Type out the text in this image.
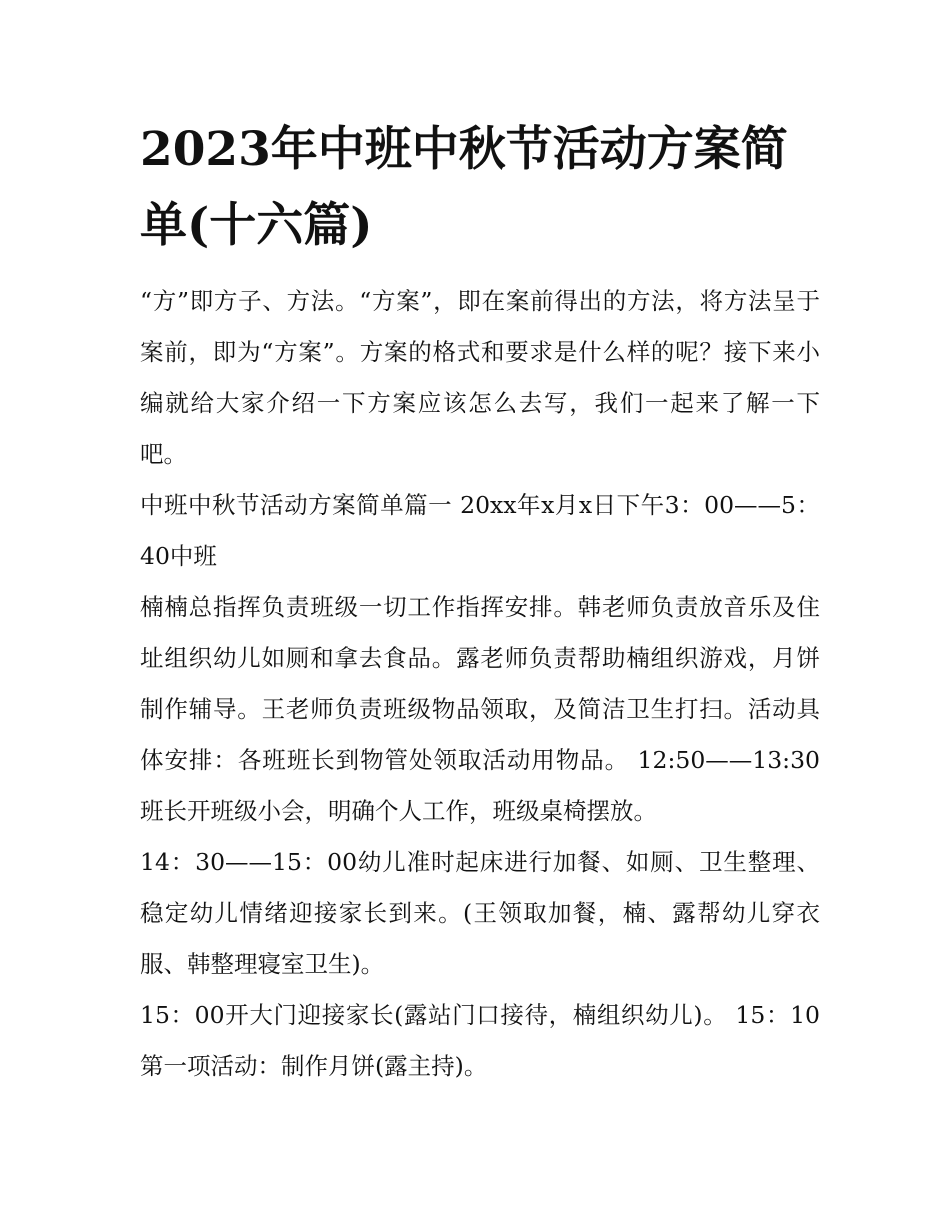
2023年中班中秋节活动方案简单(十六篇)

“方”即方子、方法。“方案”，即在案前得出的方法，将方法呈于案前，即为“方案”。方案的格式和要求是什么样的呢？接下来小编就给大家介绍一下方案应该怎么去写，我们一起来了解一下吧。

中班中秋节活动方案简单篇一 20xx年x月x日下午3：00——5：40中班

楠楠总指挥负责班级一切工作指挥安排。韩老师负责放音乐及住址组织幼儿如厕和拿去食品。露老师负责帮助楠组织游戏，月饼制作辅导。王老师负责班级物品领取，及简洁卫生打扫。活动具体安排：各班班长到物管处领取活动用物品。 12:50——13:30班长开班级小会，明确个人工作，班级桌椅摆放。

14：30——15：00幼儿准时起床进行加餐、如厕、卫生整理、稳定幼儿情绪迎接家长到来。(王领取加餐，楠、露帮幼儿穿衣服、韩整理寝室卫生)。

15：00开大门迎接家长(露站门口接待，楠组织幼儿)。 15：10第一项活动：制作月饼(露主持)。
